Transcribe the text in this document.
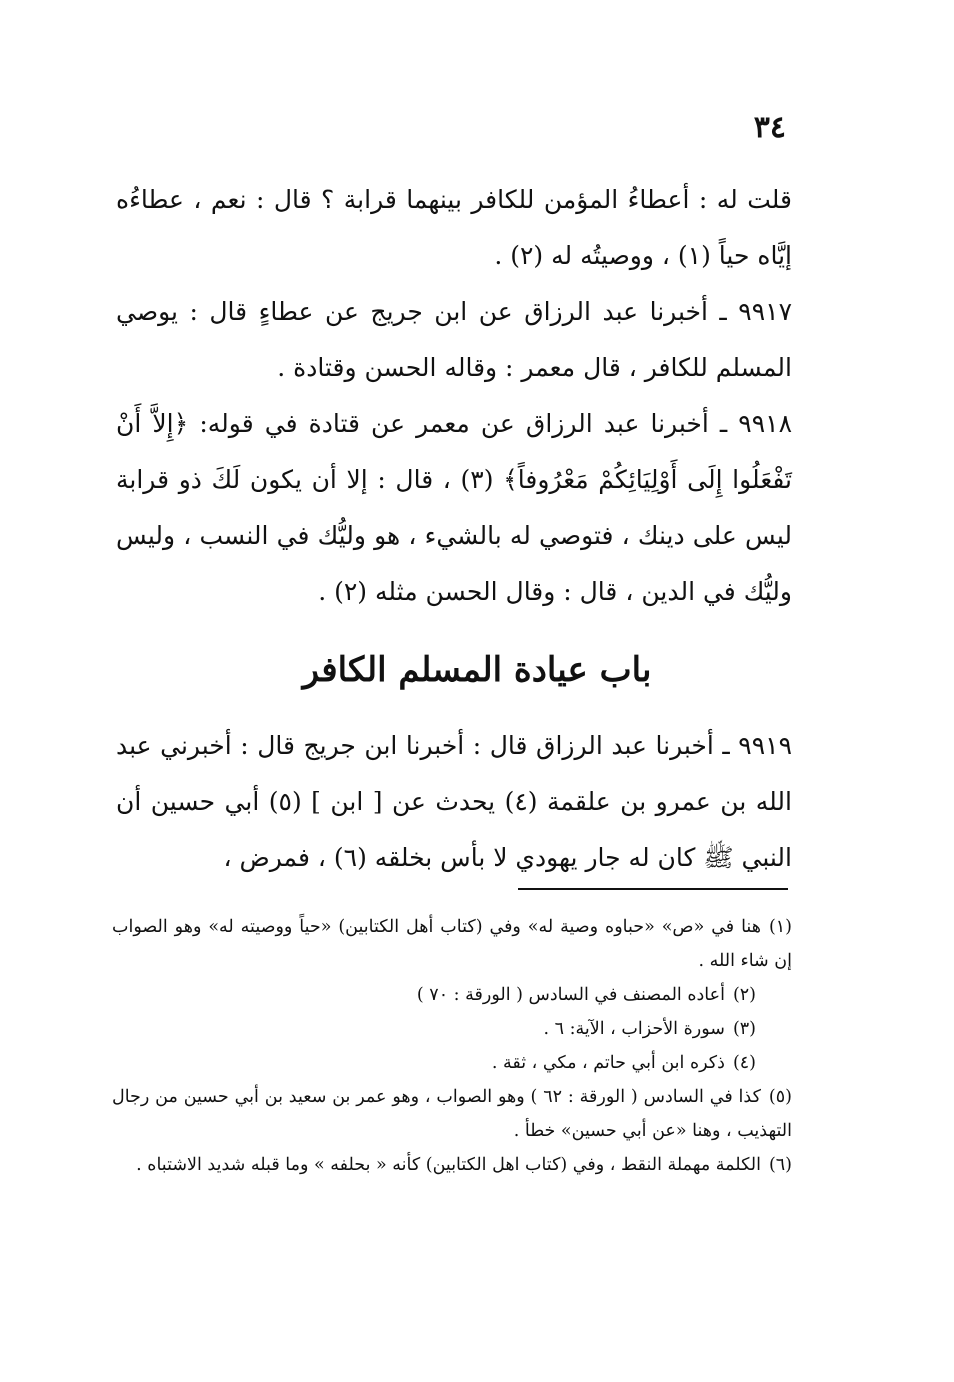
٣٤
قلت له : أعطاءُ المؤمن للكافر بينهما قرابة ؟ قال : نعم ، عطاءُه إيَّاه حياً (١) ، ووصيتُه له (٢) .
٩٩١٧ ـ أخبرنا عبد الرزاق عن ابن جريج عن عطاءٍ قال : يوصي المسلم للكافر ، قال معمر : وقاله الحسن وقتادة .
٩٩١٨ ـ أخبرنا عبد الرزاق عن معمر عن قتادة في قوله: ﴿إِلاَّ أَنْ تَفْعَلُوا إِلَى أَوْلِيَائِكُمْ مَعْرُوفاً﴾ (٣) ، قال : إلا أن يكون لَكَ ذو قرابة ليس على دينك ، فتوصي له بالشيء ، هو وليُّك في النسب ، وليس وليُّك في الدين ، قال : وقال الحسن مثله (٢) .
باب عيادة المسلم الكافر
٩٩١٩ ـ أخبرنا عبد الرزاق قال : أخبرنا ابن جريج قال : أخبرني عبد الله بن عمرو بن علقمة (٤) يحدث عن [ ابن ] (٥) أبي حسين أن النبي ﷺ كان له جار يهودي لا بأس بخلقه (٦) ، فمرض ،
(١)هنا في «ص» «حباوه وصية له» وفي (كتاب أهل الكتابين) «حياً ووصيته له» وهو الصواب إن شاء الله .
(٢)أعاده المصنف في السادس ( الورقة : ٧٠ )
(٣)سورة الأحزاب ، الآية: ٦ .
(٤)ذكره ابن أبي حاتم ، مكي ، ثقة .
(٥)كذا في السادس ( الورقة : ٦٢ ) وهو الصواب ، وهو عمر بن سعيد بن أبي حسين من رجال التهذيب ، وهنا «عن أبي حسين» خطأ .
(٦)الكلمة مهملة النقط ، وفي (كتاب اهل الكتابين) كأنه « بحلفه » وما قبله شديد الاشتباه .
